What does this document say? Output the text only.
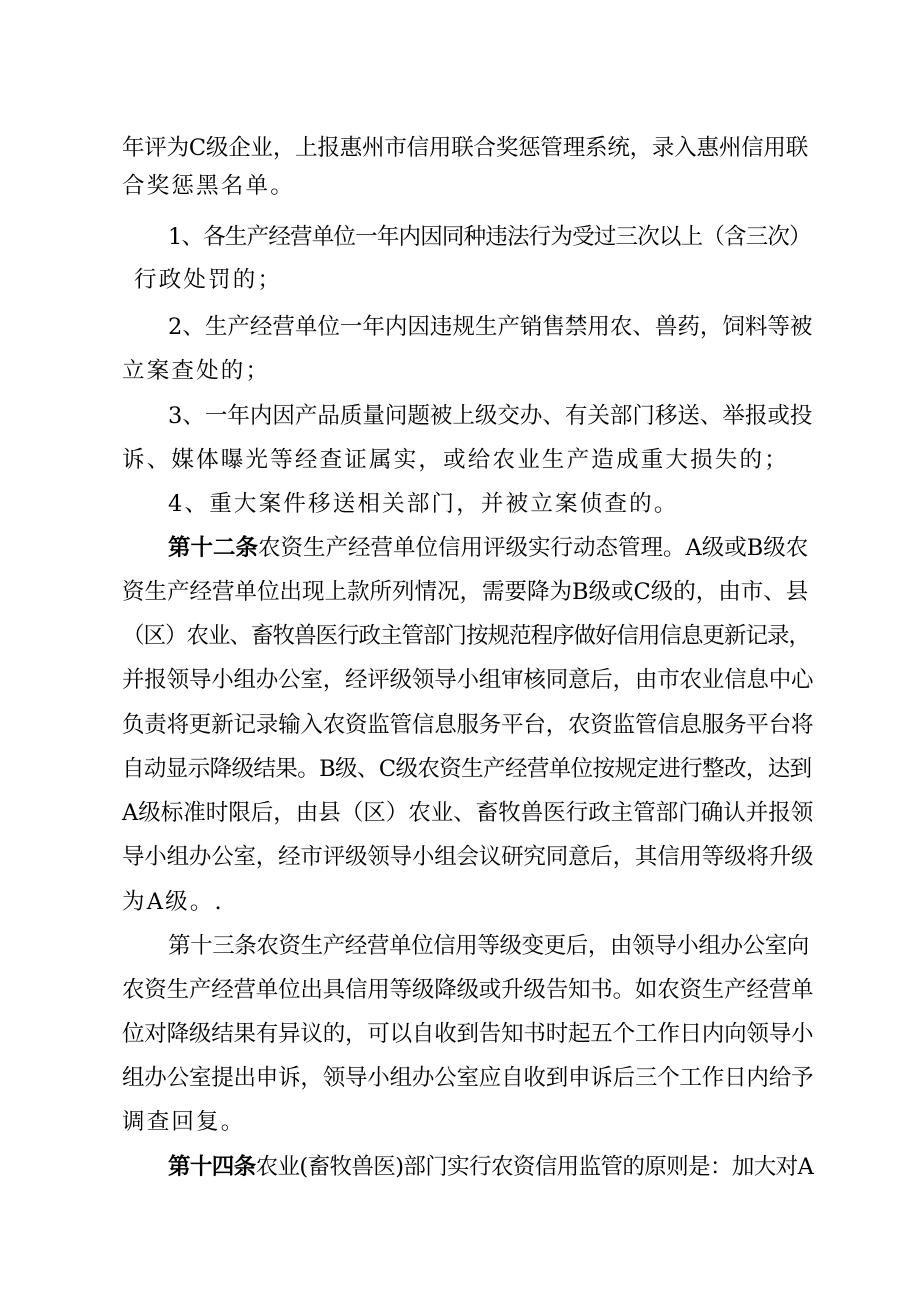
年评为C级企业，上报惠州市信用联合奖惩管理系统，录入惠州信用联
合奖惩黑名单。
1、各生产经营单位一年内因同种违法行为受过三次以上（含三次）
行政处罚的；
2、生产经营单位一年内因违规生产销售禁用农、兽药，饲料等被
立案查处的；
3、一年内因产品质量问题被上级交办、有关部门移送、举报或投
诉、媒体曝光等经查证属实，或给农业生产造成重大损失的；
4、重大案件移送相关部门，并被立案侦查的。
第十二条农资生产经营单位信用评级实行动态管理。A级或B级农
资生产经营单位出现上款所列情况，需要降为B级或C级的，由市、县
（区）农业、畜牧兽医行政主管部门按规范程序做好信用信息更新记录，
并报领导小组办公室，经评级领导小组审核同意后，由市农业信息中心
负责将更新记录输入农资监管信息服务平台，农资监管信息服务平台将
自动显示降级结果。B级、C级农资生产经营单位按规定进行整改，达到
A级标准时限后，由县（区）农业、畜牧兽医行政主管部门确认并报领
导小组办公室，经市评级领导小组会议研究同意后，其信用等级将升级
为A级。.
第十三条农资生产经营单位信用等级变更后，由领导小组办公室向
农资生产经营单位出具信用等级降级或升级告知书。如农资生产经营单
位对降级结果有异议的，可以自收到告知书时起五个工作日内向领导小
组办公室提出申诉，领导小组办公室应自收到申诉后三个工作日内给予
调查回复。
第十四条农业(畜牧兽医)部门实行农资信用监管的原则是：加大对A
